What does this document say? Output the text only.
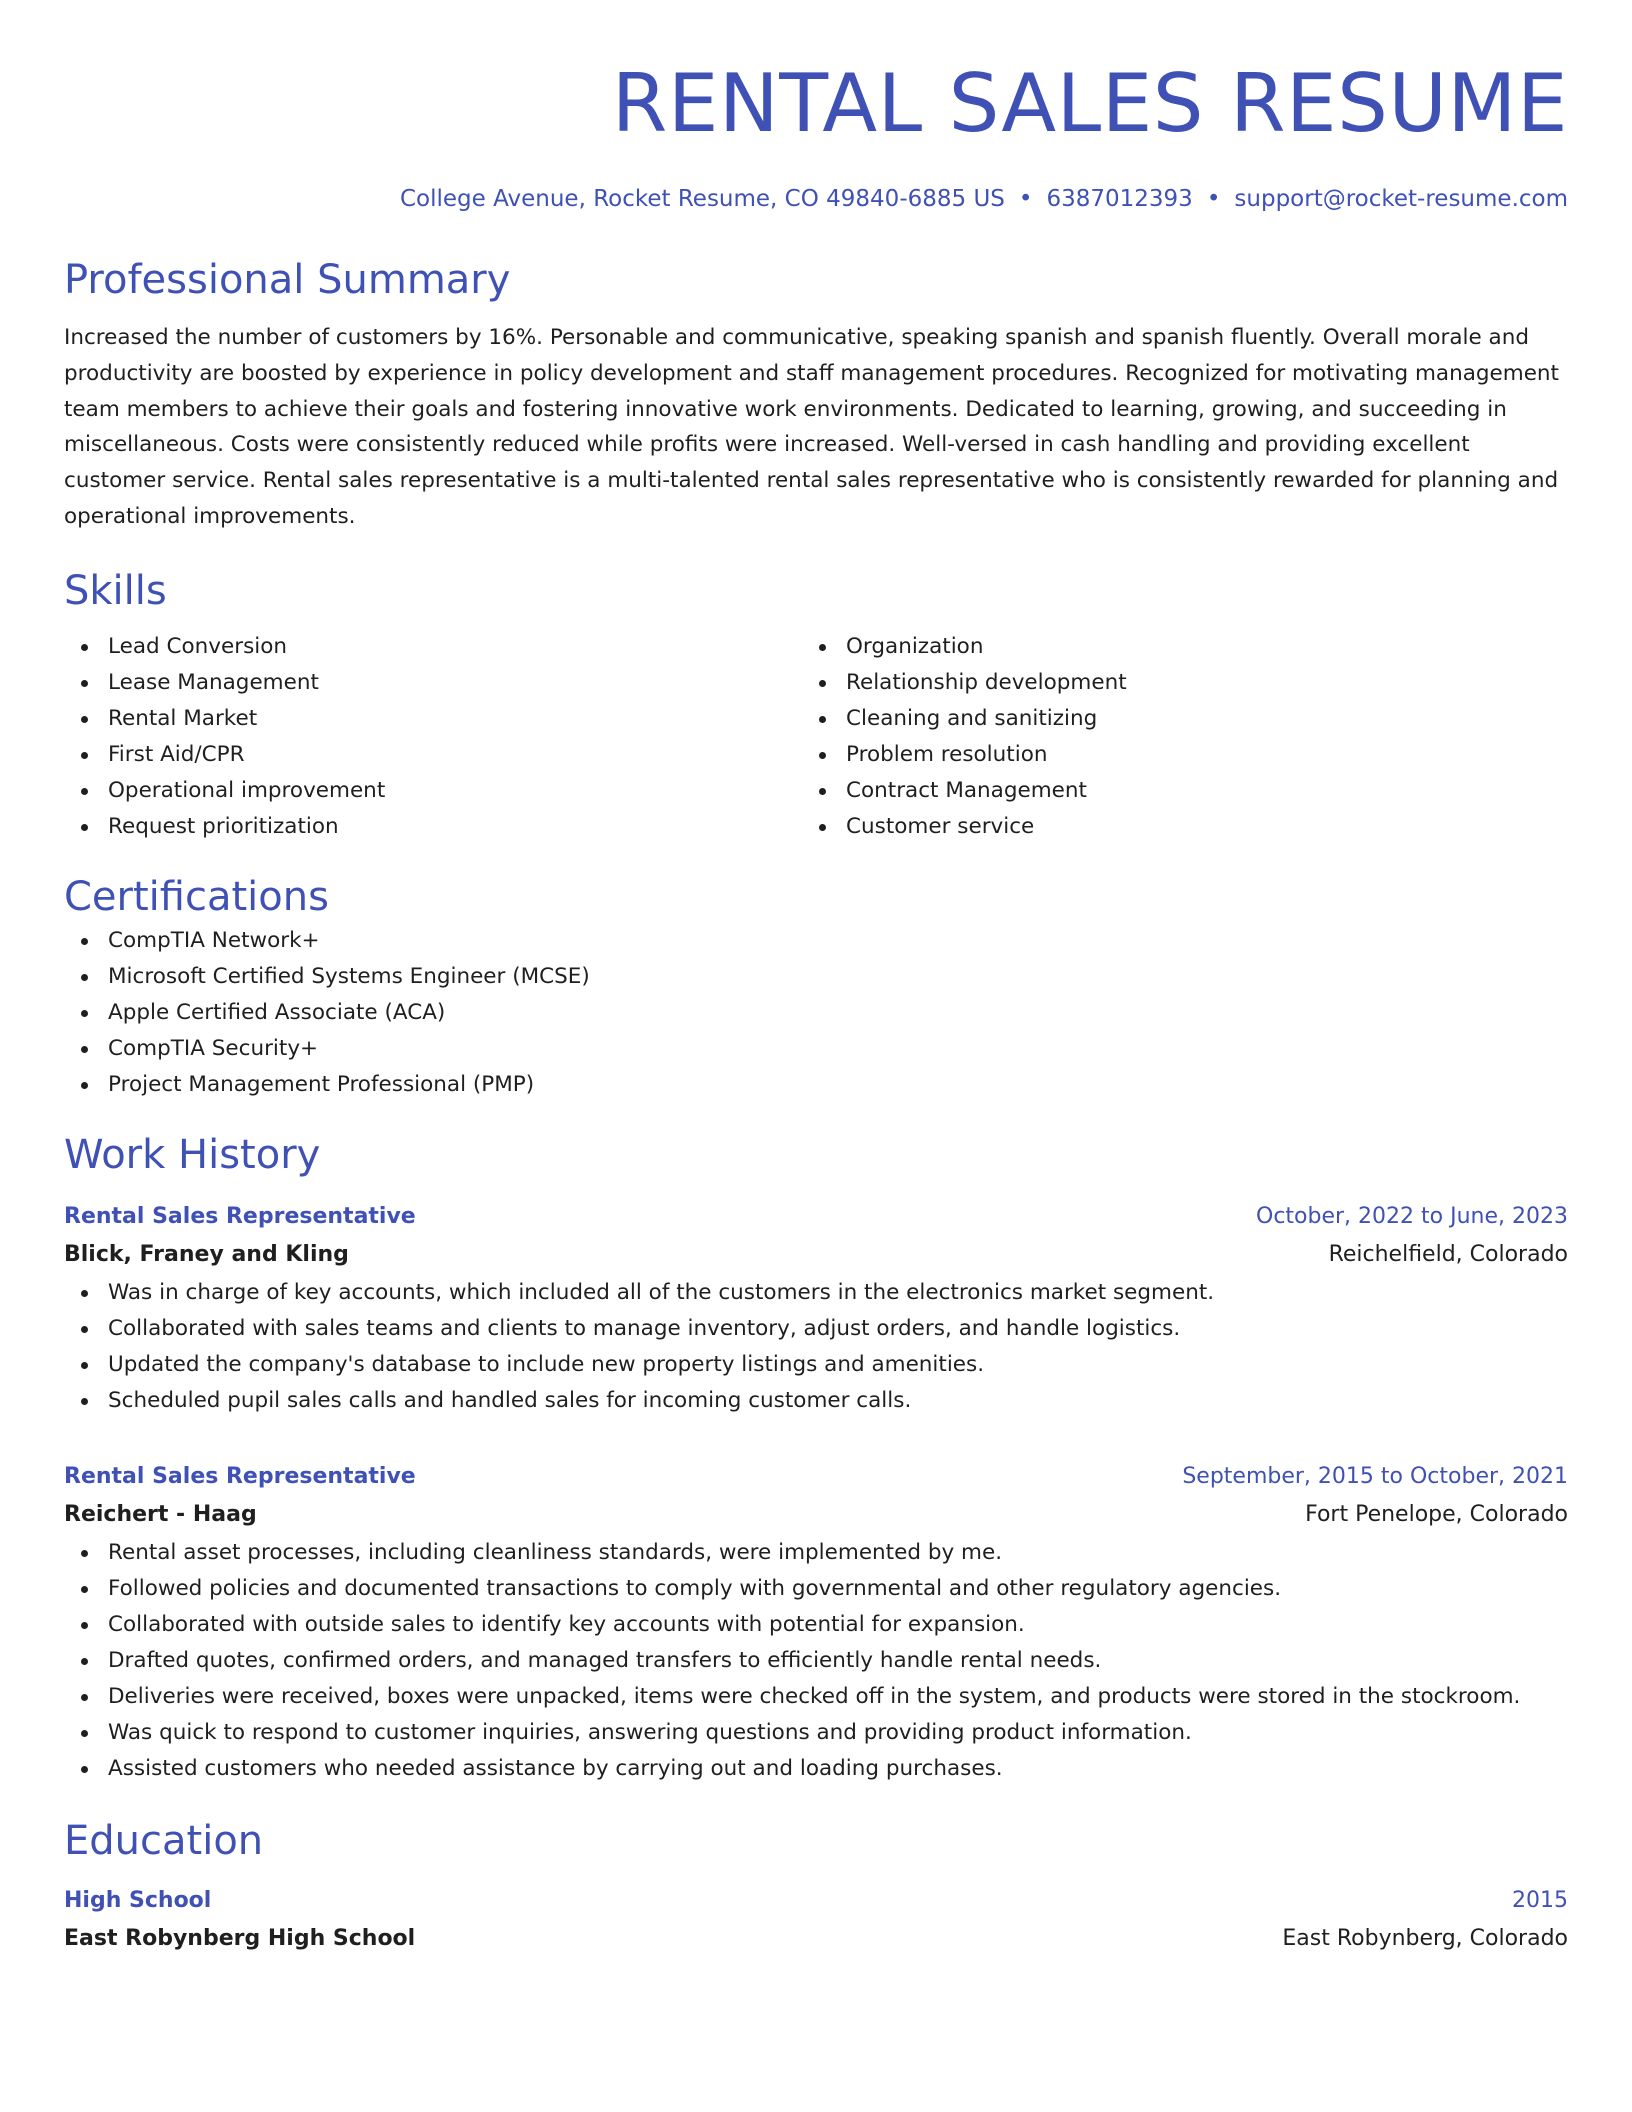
RENTAL SALES RESUME
College Avenue, Rocket Resume, CO 49840-6885 US • 6387012393 • support@rocket-resume.com
Professional Summary

Increased the number of customers by 16%. Personable and communicative, speaking spanish and spanish fluently. Overall morale and productivity are boosted by experience in policy development and staff management procedures. Recognized for motivating management team members to achieve their goals and fostering innovative work environments. Dedicated to learning, growing, and succeeding in miscellaneous. Costs were consistently reduced while profits were increased. Well-versed in cash handling and providing excellent customer service. Rental sales representative is a multi-talented rental sales representative who is consistently rewarded for planning and operational improvements.

Skills
Lead Conversion
Lease Management
Rental Market
First Aid/CPR
Operational improvement
Request prioritization
Organization
Relationship development
Cleaning and sanitizing
Problem resolution
Contract Management
Customer service
Certifications
CompTIA Network+
Microsoft Certified Systems Engineer (MCSE)
Apple Certified Associate (ACA)
CompTIA Security+
Project Management Professional (PMP)
Work History
Rental Sales Representative	October, 2022 to June, 2023
Blick, Franey and Kling	Reichelfield, Colorado
Was in charge of key accounts, which included all of the customers in the electronics market segment.
Collaborated with sales teams and clients to manage inventory, adjust orders, and handle logistics.
Updated the company's database to include new property listings and amenities.
Scheduled pupil sales calls and handled sales for incoming customer calls.
Rental Sales Representative	September, 2015 to October, 2021
Reichert - Haag	Fort Penelope, Colorado
Rental asset processes, including cleanliness standards, were implemented by me.
Followed policies and documented transactions to comply with governmental and other regulatory agencies.
Collaborated with outside sales to identify key accounts with potential for expansion.
Drafted quotes, confirmed orders, and managed transfers to efficiently handle rental needs.
Deliveries were received, boxes were unpacked, items were checked off in the system, and products were stored in the stockroom.
Was quick to respond to customer inquiries, answering questions and providing product information.
Assisted customers who needed assistance by carrying out and loading purchases.
Education
High School	2015
East Robynberg High School	East Robynberg, Colorado
